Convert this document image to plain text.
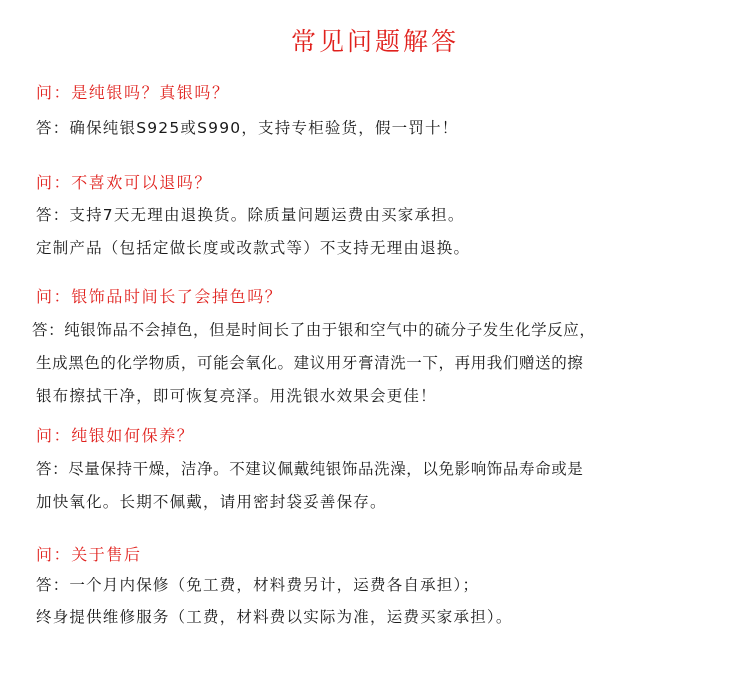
常见问题解答
问：是纯银吗？真银吗？
答：确保纯银S925或S990，支持专柜验货，假一罚十！
问：不喜欢可以退吗？
答：支持7天无理由退换货。除质量问题运费由买家承担。
定制产品（包括定做长度或改款式等）不支持无理由退换。
问：银饰品时间长了会掉色吗？
答：纯银饰品不会掉色，但是时间长了由于银和空气中的硫分子发生化学反应，
生成黑色的化学物质，可能会氧化。建议用牙膏清洗一下，再用我们赠送的擦
银布擦拭干净，即可恢复亮泽。用洗银水效果会更佳！
问：纯银如何保养？
答：尽量保持干燥，洁净。不建议佩戴纯银饰品洗澡，以免影响饰品寿命或是
加快氧化。长期不佩戴，请用密封袋妥善保存。
问：关于售后
答：一个月内保修（免工费，材料费另计，运费各自承担）；
终身提供维修服务（工费，材料费以实际为准，运费买家承担）。
